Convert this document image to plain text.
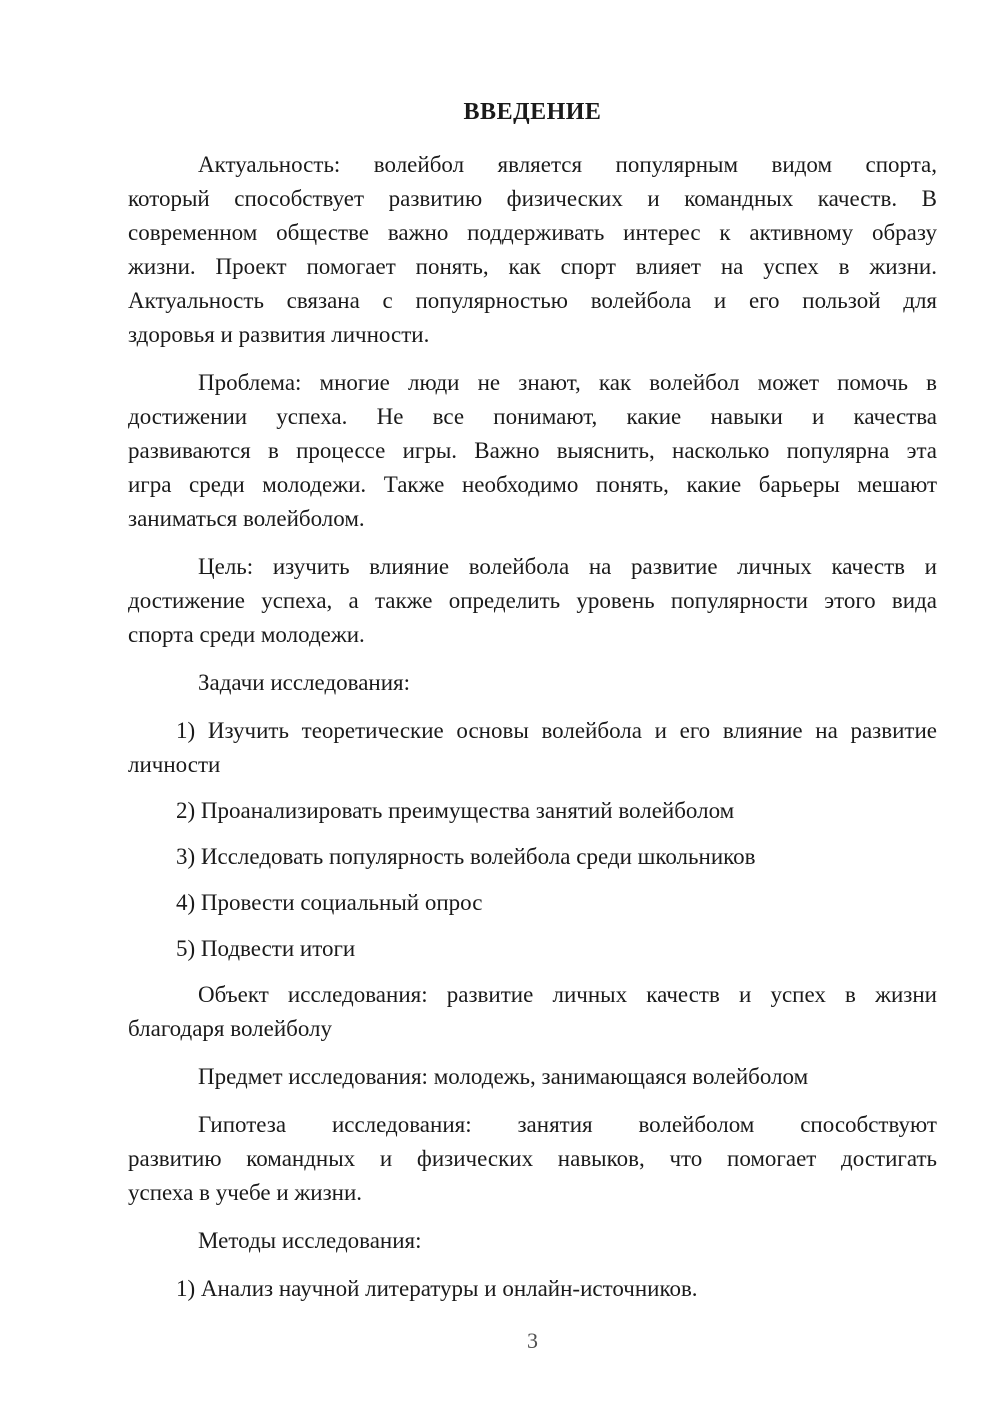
ВВЕДЕНИЕ
Актуальность: волейбол является популярным видом спорта,
который способствует развитию физических и командных качеств. В
современном обществе важно поддерживать интерес к активному образу
жизни. Проект помогает понять, как спорт влияет на успех в жизни.
Актуальность связана с популярностью волейбола и его пользой для
здоровья и развития личности.
Проблема: многие люди не знают, как волейбол может помочь в
достижении успеха. Не все понимают, какие навыки и качества
развиваются в процессе игры. Важно выяснить, насколько популярна эта
игра среди молодежи. Также необходимо понять, какие барьеры мешают
заниматься волейболом.
Цель: изучить влияние волейбола на развитие личных качеств и
достижение успеха, а также определить уровень популярности этого вида
спорта среди молодежи.
Задачи исследования:
1) Изучить теоретические основы волейбола и его влияние на развитие
личности
2) Проанализировать преимущества занятий волейболом
3) Исследовать популярность волейбола среди школьников
4) Провести социальный опрос
5) Подвести итоги
Объект исследования: развитие личных качеств и успех в жизни
благодаря волейболу
Предмет исследования: молодежь, занимающаяся волейболом
Гипотеза исследования: занятия волейболом способствуют
развитию командных и физических навыков, что помогает достигать
успеха в учебе и жизни.
Методы исследования:
1) Анализ научной литературы и онлайн-источников.
3
